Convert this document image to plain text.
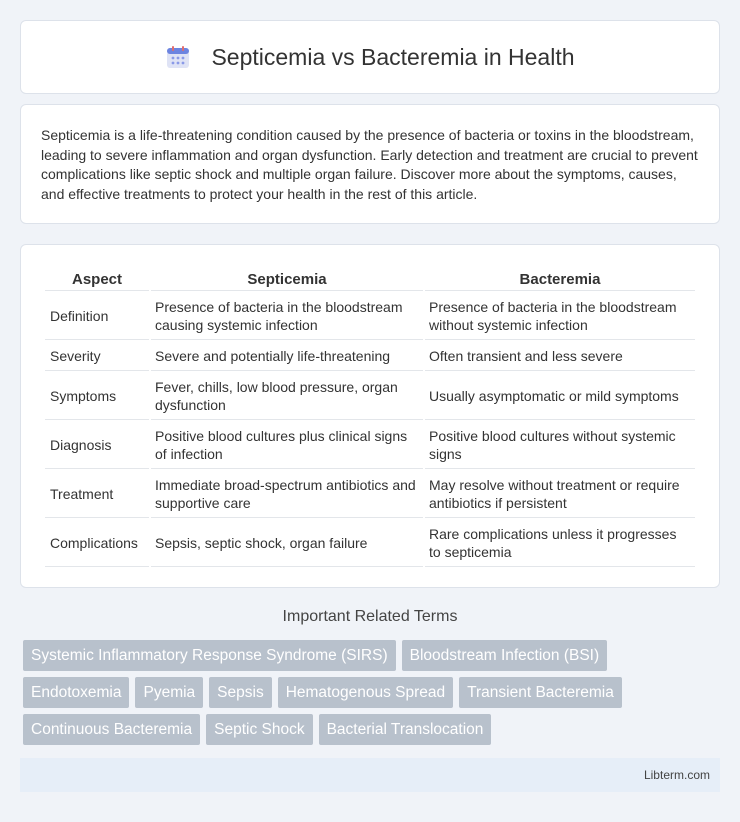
Septicemia vs Bacteremia in Health

Septicemia is a life-threatening condition caused by the presence of bacteria or toxins in the bloodstream, leading to severe inflammation and organ dysfunction. Early detection and treatment are crucial to prevent complications like septic shock and multiple organ failure. Discover more about the symptoms, causes, and effective treatments to protect your health in the rest of this article.

Aspect	Septicemia	Bacteremia
Definition	Presence of bacteria in the bloodstream causing systemic infection	Presence of bacteria in the bloodstream without systemic infection
Severity	Severe and potentially life-threatening	Often transient and less severe
Symptoms	Fever, chills, low blood pressure, organ dysfunction	Usually asymptomatic or mild symptoms
Diagnosis	Positive blood cultures plus clinical signs of infection	Positive blood cultures without systemic signs
Treatment	Immediate broad-spectrum antibiotics and supportive care	May resolve without treatment or require antibiotics if persistent
Complications	Sepsis, septic shock, organ failure	Rare complications unless it progresses to septicemia
Important Related Terms
Systemic Inflammatory Response Syndrome (SIRS)	Bloodstream Infection (BSI)
Endotoxemia	Pyemia	Sepsis	Hematogenous Spread	Transient Bacteremia
Continuous Bacteremia	Septic Shock	Bacterial Translocation
Libterm.com
